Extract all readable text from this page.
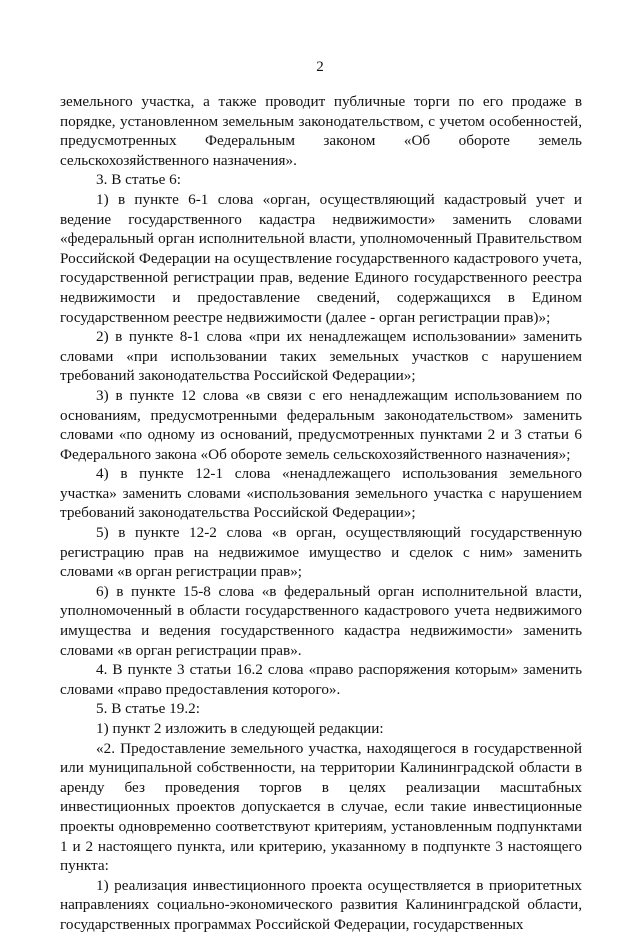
2

земельного участка, а также проводит публичные торги по его продаже в порядке, установленном земельным законодательством, с учетом особенностей, предусмотренных Федеральным законом «Об обороте земель сельскохозяйственного назначения».

3. В статье 6:

1) в пункте 6-1 слова «орган, осуществляющий кадастровый учет и ведение государственного кадастра недвижимости» заменить словами «федеральный орган исполнительной власти, уполномоченный Правительством Российской Федерации на осуществление государственного кадастрового учета, государственной регистрации прав, ведение Единого государственного реестра недвижимости и предоставление сведений, содержащихся в Едином государственном реестре недвижимости (далее - орган регистрации прав)»;

2) в пункте 8-1 слова «при их ненадлежащем использовании» заменить словами «при использовании таких земельных участков с нарушением требований законодательства Российской Федерации»;

3) в пункте 12 слова «в связи с его ненадлежащим использованием по основаниям, предусмотренными федеральным законодательством» заменить словами «по одному из оснований, предусмотренных пунктами 2 и 3 статьи 6 Федерального закона «Об обороте земель сельскохозяйственного назначения»;

4) в пункте 12-1 слова «ненадлежащего использования земельного участка» заменить словами «использования земельного участка с нарушением требований законодательства Российской Федерации»;

5) в пункте 12-2 слова «в орган, осуществляющий государственную регистрацию прав на недвижимое имущество и сделок с ним» заменить словами «в орган регистрации прав»;

6) в пункте 15-8 слова «в федеральный орган исполнительной власти, уполномоченный в области государственного кадастрового учета недвижимого имущества и ведения государственного кадастра недвижимости» заменить словами «в орган регистрации прав».

4. В пункте 3 статьи 16.2 слова «право распоряжения которым» заменить словами «право предоставления которого».

5. В статье 19.2:

1) пункт 2 изложить в следующей редакции:

«2. Предоставление земельного участка, находящегося в государственной или муниципальной собственности, на территории Калининградской области в аренду без проведения торгов в целях реализации масштабных инвестиционных проектов допускается в случае, если такие инвестиционные проекты одновременно соответствуют критериям, установленным подпунктами 1 и 2 настоящего пункта, или критерию, указанному в подпункте 3 настоящего пункта:

1) реализация инвестиционного проекта осуществляется в приоритетных направлениях социально-экономического развития Калининградской области, государственных программах Российской Федерации, государственных
